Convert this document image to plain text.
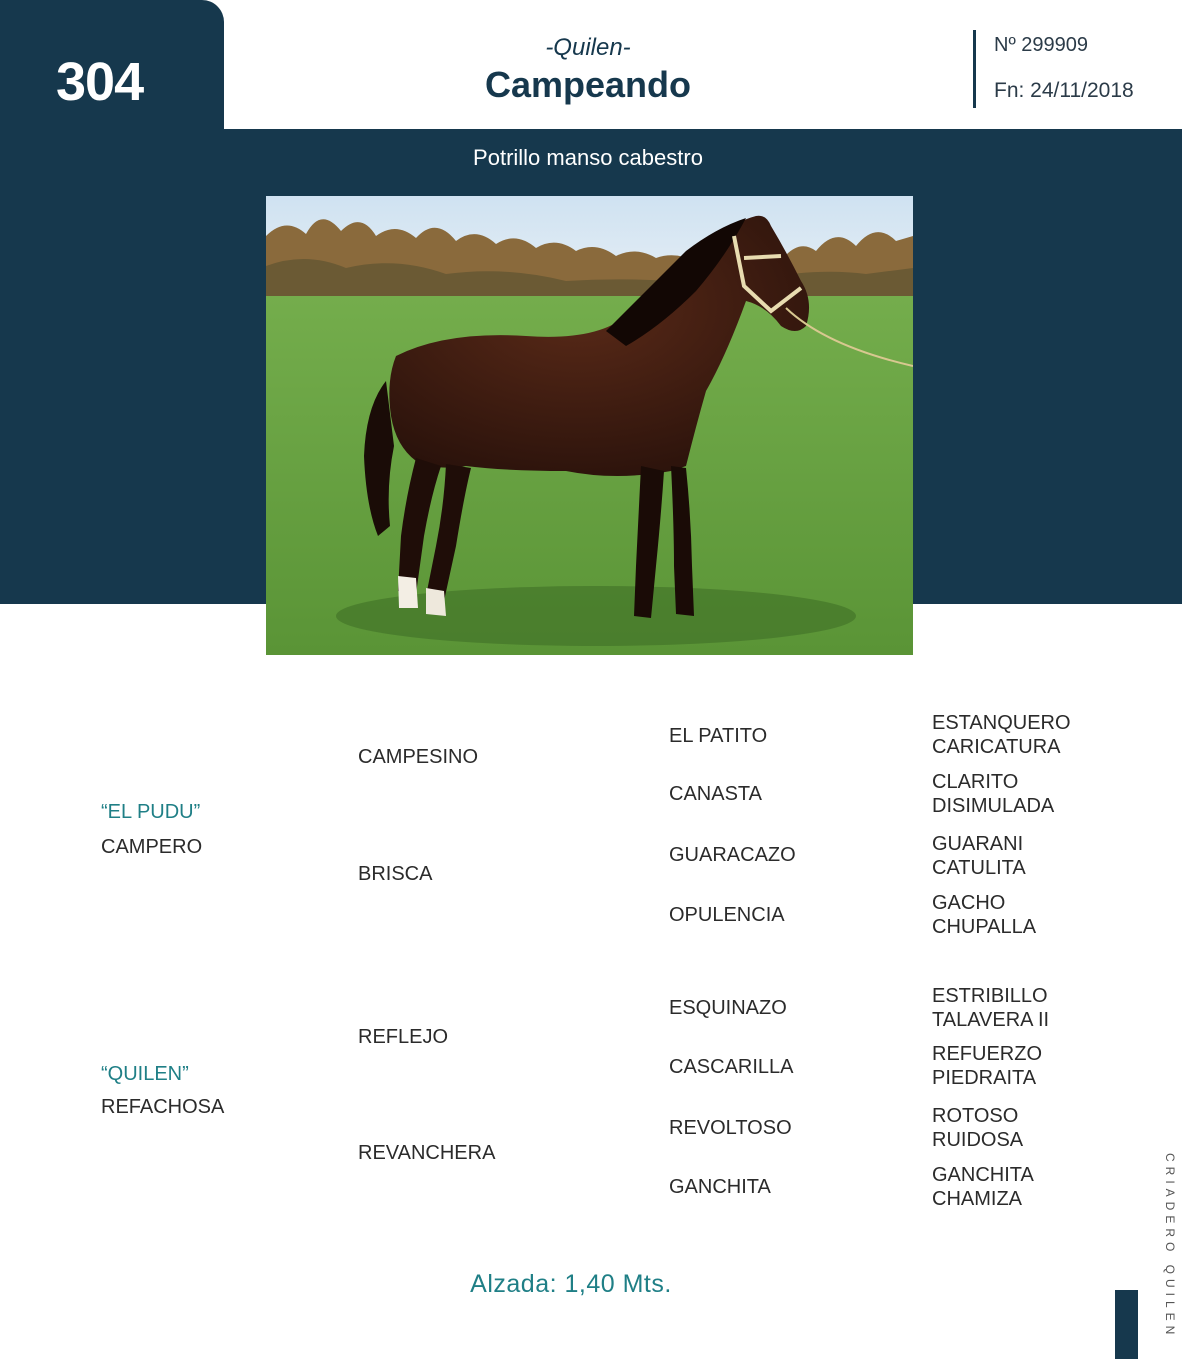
304
-Quilen-
Campeando
Nº 299909
Fn: 24/11/2018
Potrillo manso cabestro
“EL PUDU”
CAMPERO
“QUILEN”
REFACHOSA
CAMPESINO
BRISCA
REFLEJO
REVANCHERA
EL PATITO
CANASTA
GUARACAZO
OPULENCIA
ESQUINAZO
CASCARILLA
REVOLTOSO
GANCHITA
ESTANQUERO
CARICATURA
CLARITO
DISIMULADA
GUARANI
CATULITA
GACHO
CHUPALLA
ESTRIBILLO
TALAVERA II
REFUERZO
PIEDRAITA
ROTOSO
RUIDOSA
GANCHITA
CHAMIZA
Alzada: 1,40 Mts.	CRIADERO QUILEN
